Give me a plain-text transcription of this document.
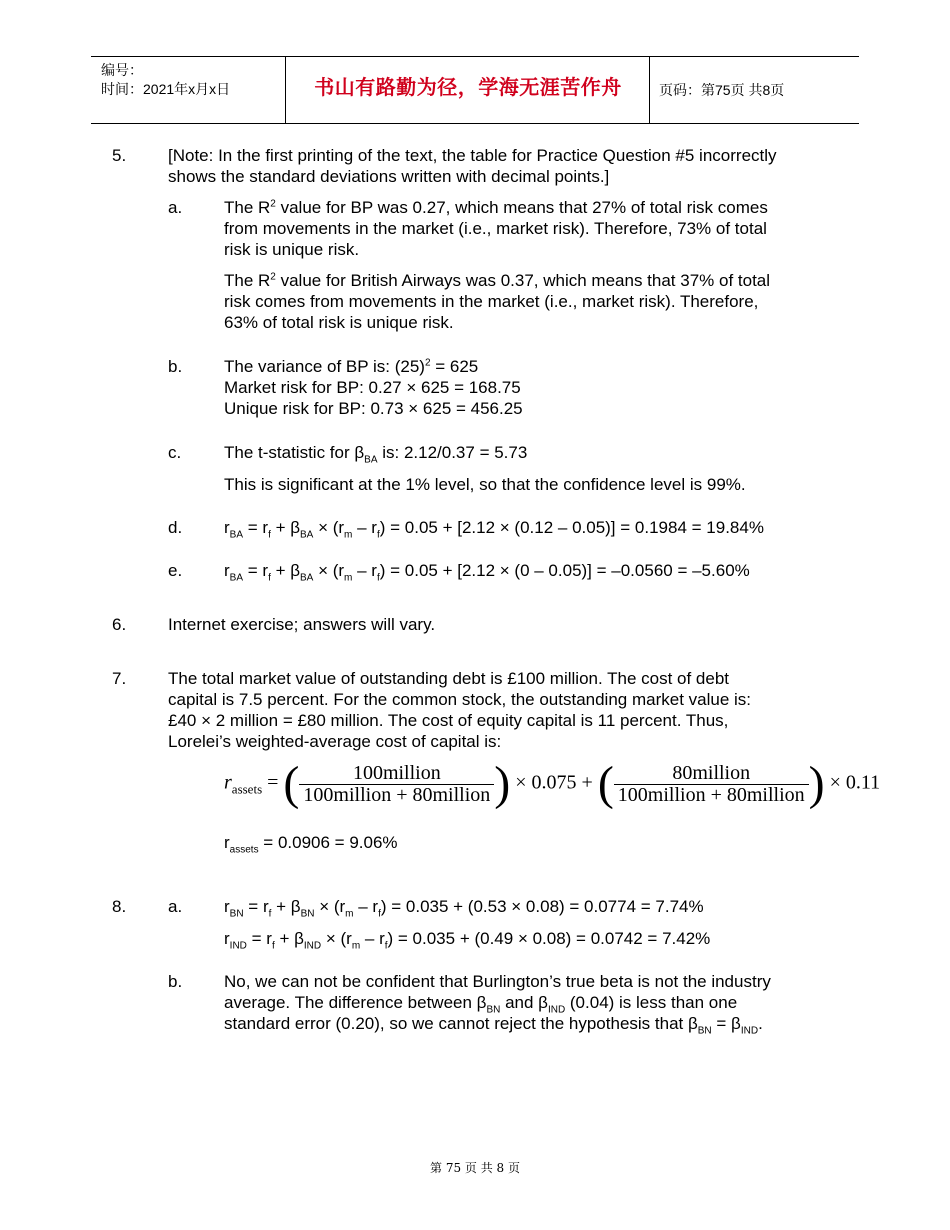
编号：
时间：2021年x月x日	书山有路勤为径，学海无涯苦作舟	页码：第75页 共8页
5. [Note: In the first printing of the text, the table for Practice Question #5 incorrectly
shows the standard deviations written with decimal points.]
a. The $R^2$ value for BP was 0.27, which means that 27% of total risk comes
from movements in the market (i.e., market risk). Therefore, 73% of total
risk is unique risk.
The $R^2$ value for British Airways was 0.37, which means that 37% of total
risk comes from movements in the market (i.e., market risk). Therefore,
63% of total risk is unique risk.
b. The variance of BP is: $(25)^2 = 625$
Market risk for BP: 0.27 × 625 = 168.75
Unique risk for BP: 0.73 × 625 = 456.25
c.	The t-statistic for $\beta_{BA}$ is: 2.12/0.37 = 5.73
This is significant at the 1% level, so that the confidence level is 99%.
d. $r_{BA} = r_f + \beta_{BA} \times (r_m - r_f) = 0.05 + [2.12 \times (0.12 - 0.05)] = 0.1984 = 19.84\%$
e. $r_{BA} = r_f + \beta_{BA} \times (r_m - r_f) = 0.05 + [2.12 \times (0 - 0.05)] = -0.0560 = -5.60\%$
6. Internet exercise; answers will vary.
7. The total market value of outstanding debt is £100 million. The cost of debt
capital is 7.5 percent. For the common stock, the outstanding market value is:
£40 × 2 million = £80 million. The cost of equity capital is 11 percent. Thus,
Lorelei’s weighted-average cost of capital is:
$r_{assets}$ = ( $\frac{\text{100million}}{\text{100million + 80million}}$ ) × 0.075 + ( $\frac{\text{80million}}{\text{100million + 80million}}$ ) × 0.11
$r_{assets} = 0.0906 = 9.06\%$
8. a. $r_{BN} = r_f + \beta_{BN} \times (r_m - r_f) = 0.035 + (0.53 \times 0.08) = 0.0774 = 7.74\%$
$r_{IND} = r_f + \beta_{IND} \times (r_m - r_f) = 0.035 + (0.49 \times 0.08) = 0.0742 = 7.42\%$
b. No, we can not be confident that Burlington’s true beta is not the industry
average. The difference between $\beta_{BN}$ and $\beta_{IND}$ (0.04) is less than one
standard error (0.20), so we cannot reject the hypothesis that $\beta_{BN} = \beta_{IND}$.
第 75 页 共 8 页
